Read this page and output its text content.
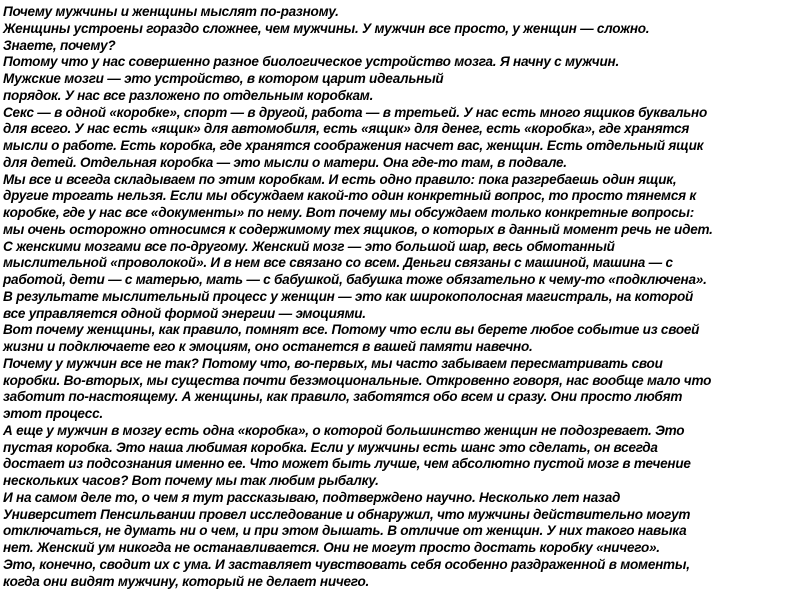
Почему мужчины и женщины мыслят по-разному.
Женщины устроены гораздо сложнее, чем мужчины. У мужчин все просто, у женщин — сложно.
Знаете, почему?
Потому что у нас совершенно разное биологическое устройство мозга. Я начну с мужчин.
Мужские мозги — это устройство, в котором царит идеальный
порядок. У нас все разложено по отдельным коробкам.
Секс — в одной «коробке», спорт — в другой, работа — в третьей. У нас есть много ящиков буквально
для всего. У нас есть «ящик» для автомобиля, есть «ящик» для денег, есть «коробка», где хранятся
мысли о работе. Есть коробка, где хранятся соображения насчет вас, женщин. Есть отдельный ящик
для детей. Отдельная коробка — это мысли о матери. Она где-то там, в подвале.
Мы все и всегда складываем по этим коробкам. И есть одно правило: пока разгребаешь один ящик,
другие трогать нельзя. Если мы обсуждаем какой-то один конкретный вопрос, то просто тянемся к
коробке, где у нас все «документы» по нему. Вот почему мы обсуждаем только конкретные вопросы:
мы очень осторожно относимся к содержимому тех ящиков, о которых в данный момент речь не идет.
С женскими мозгами все по-другому. Женский мозг — это большой шар, весь обмотанный
мыслительной «проволокой». И в нем все связано со всем. Деньги связаны с машиной, машина — с
работой, дети — с матерью, мать — с бабушкой, бабушка тоже обязательно к чему-то «подключена».
В результате мыслительный процесс у женщин — это как широкополосная магистраль, на которой
все управляется одной формой энергии — эмоциями.
Вот почему женщины, как правило, помнят все. Потому что если вы берете любое событие из своей
жизни и подключаете его к эмоциям, оно останется в вашей памяти навечно.
Почему у мужчин все не так? Потому что, во-первых, мы часто забываем пересматривать свои
коробки. Во-вторых, мы существа почти безэмоциональные. Откровенно говоря, нас вообще мало что
заботит по-настоящему. А женщины, как правило, заботятся обо всем и сразу. Они просто любят
этот процесс.
А еще у мужчин в мозгу есть одна «коробка», о которой большинство женщин не подозревает. Это
пустая коробка. Это наша любимая коробка. Если у мужчины есть шанс это сделать, он всегда
достает из подсознания именно ее. Что может быть лучше, чем абсолютно пустой мозг в течение
нескольких часов? Вот почему мы так любим рыбалку.
И на самом деле то, о чем я тут рассказываю, подтверждено научно. Несколько лет назад
Университет Пенсильвании провел исследование и обнаружил, что мужчины действительно могут
отключаться, не думать ни о чем, и при этом дышать. В отличие от женщин. У них такого навыка
нет. Женский ум никогда не останавливается. Они не могут просто достать коробку «ничего».
Это, конечно, сводит их с ума. И заставляет чувствовать себя особенно раздраженной в моменты,
когда они видят мужчину, который не делает ничего.
